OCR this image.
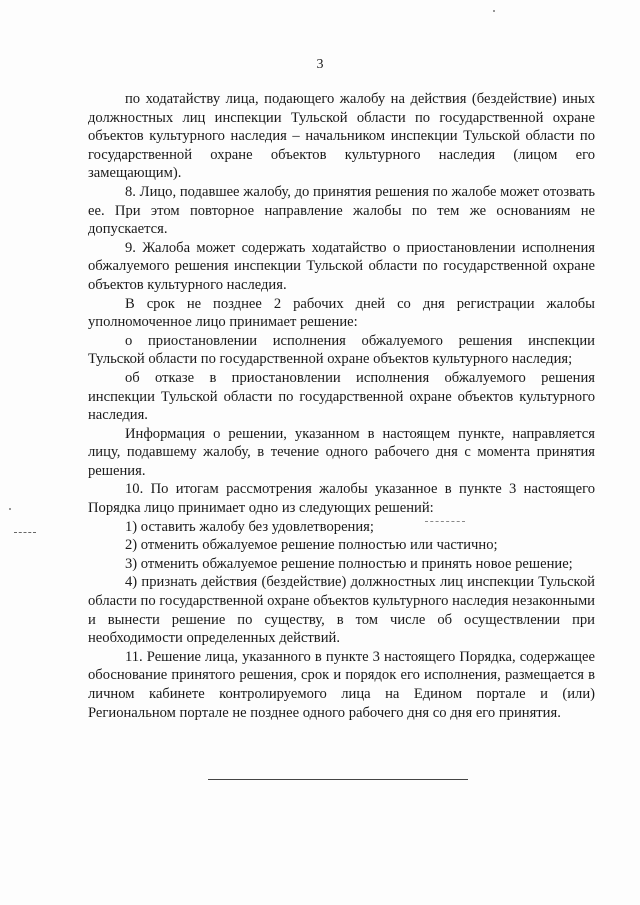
3

по ходатайству лица, подающего жалобу на действия (бездействие) иных должностных лиц инспекции Тульской области по государственной охране объектов культурного наследия – начальником инспекции Тульской области по государственной охране объектов культурного наследия (лицом его замещающим).

8. Лицо, подавшее жалобу, до принятия решения по жалобе может отозвать ее. При этом повторное направление жалобы по тем же основаниям не допускается.

9. Жалоба может содержать ходатайство о приостановлении исполнения обжалуемого решения инспекции Тульской области по государственной охране объектов культурного наследия.

В срок не позднее 2 рабочих дней со дня регистрации жалобы уполномоченное лицо принимает решение:

о приостановлении исполнения обжалуемого решения инспекции Тульской области по государственной охране объектов культурного наследия;

об отказе в приостановлении исполнения обжалуемого решения инспекции Тульской области по государственной охране объектов культурного наследия.

Информация о решении, указанном в настоящем пункте, направляется лицу, подавшему жалобу, в течение одного рабочего дня с момента принятия решения.

10. По итогам рассмотрения жалобы указанное в пункте 3 настоящего Порядка лицо принимает одно из следующих решений:

1) оставить жалобу без удовлетворения;

2) отменить обжалуемое решение полностью или частично;

3) отменить обжалуемое решение полностью и принять новое решение;

4) признать действия (бездействие) должностных лиц инспекции Тульской области по государственной охране объектов культурного наследия незаконными и вынести решение по существу, в том числе об осуществлении при необходимости определенных действий.

11. Решение лица, указанного в пункте 3 настоящего Порядка, содержащее обоснование принятого решения, срок и порядок его исполнения, размещается в личном кабинете контролируемого лица на Едином портале и (или) Региональном портале не позднее одного рабочего дня со дня его принятия.
